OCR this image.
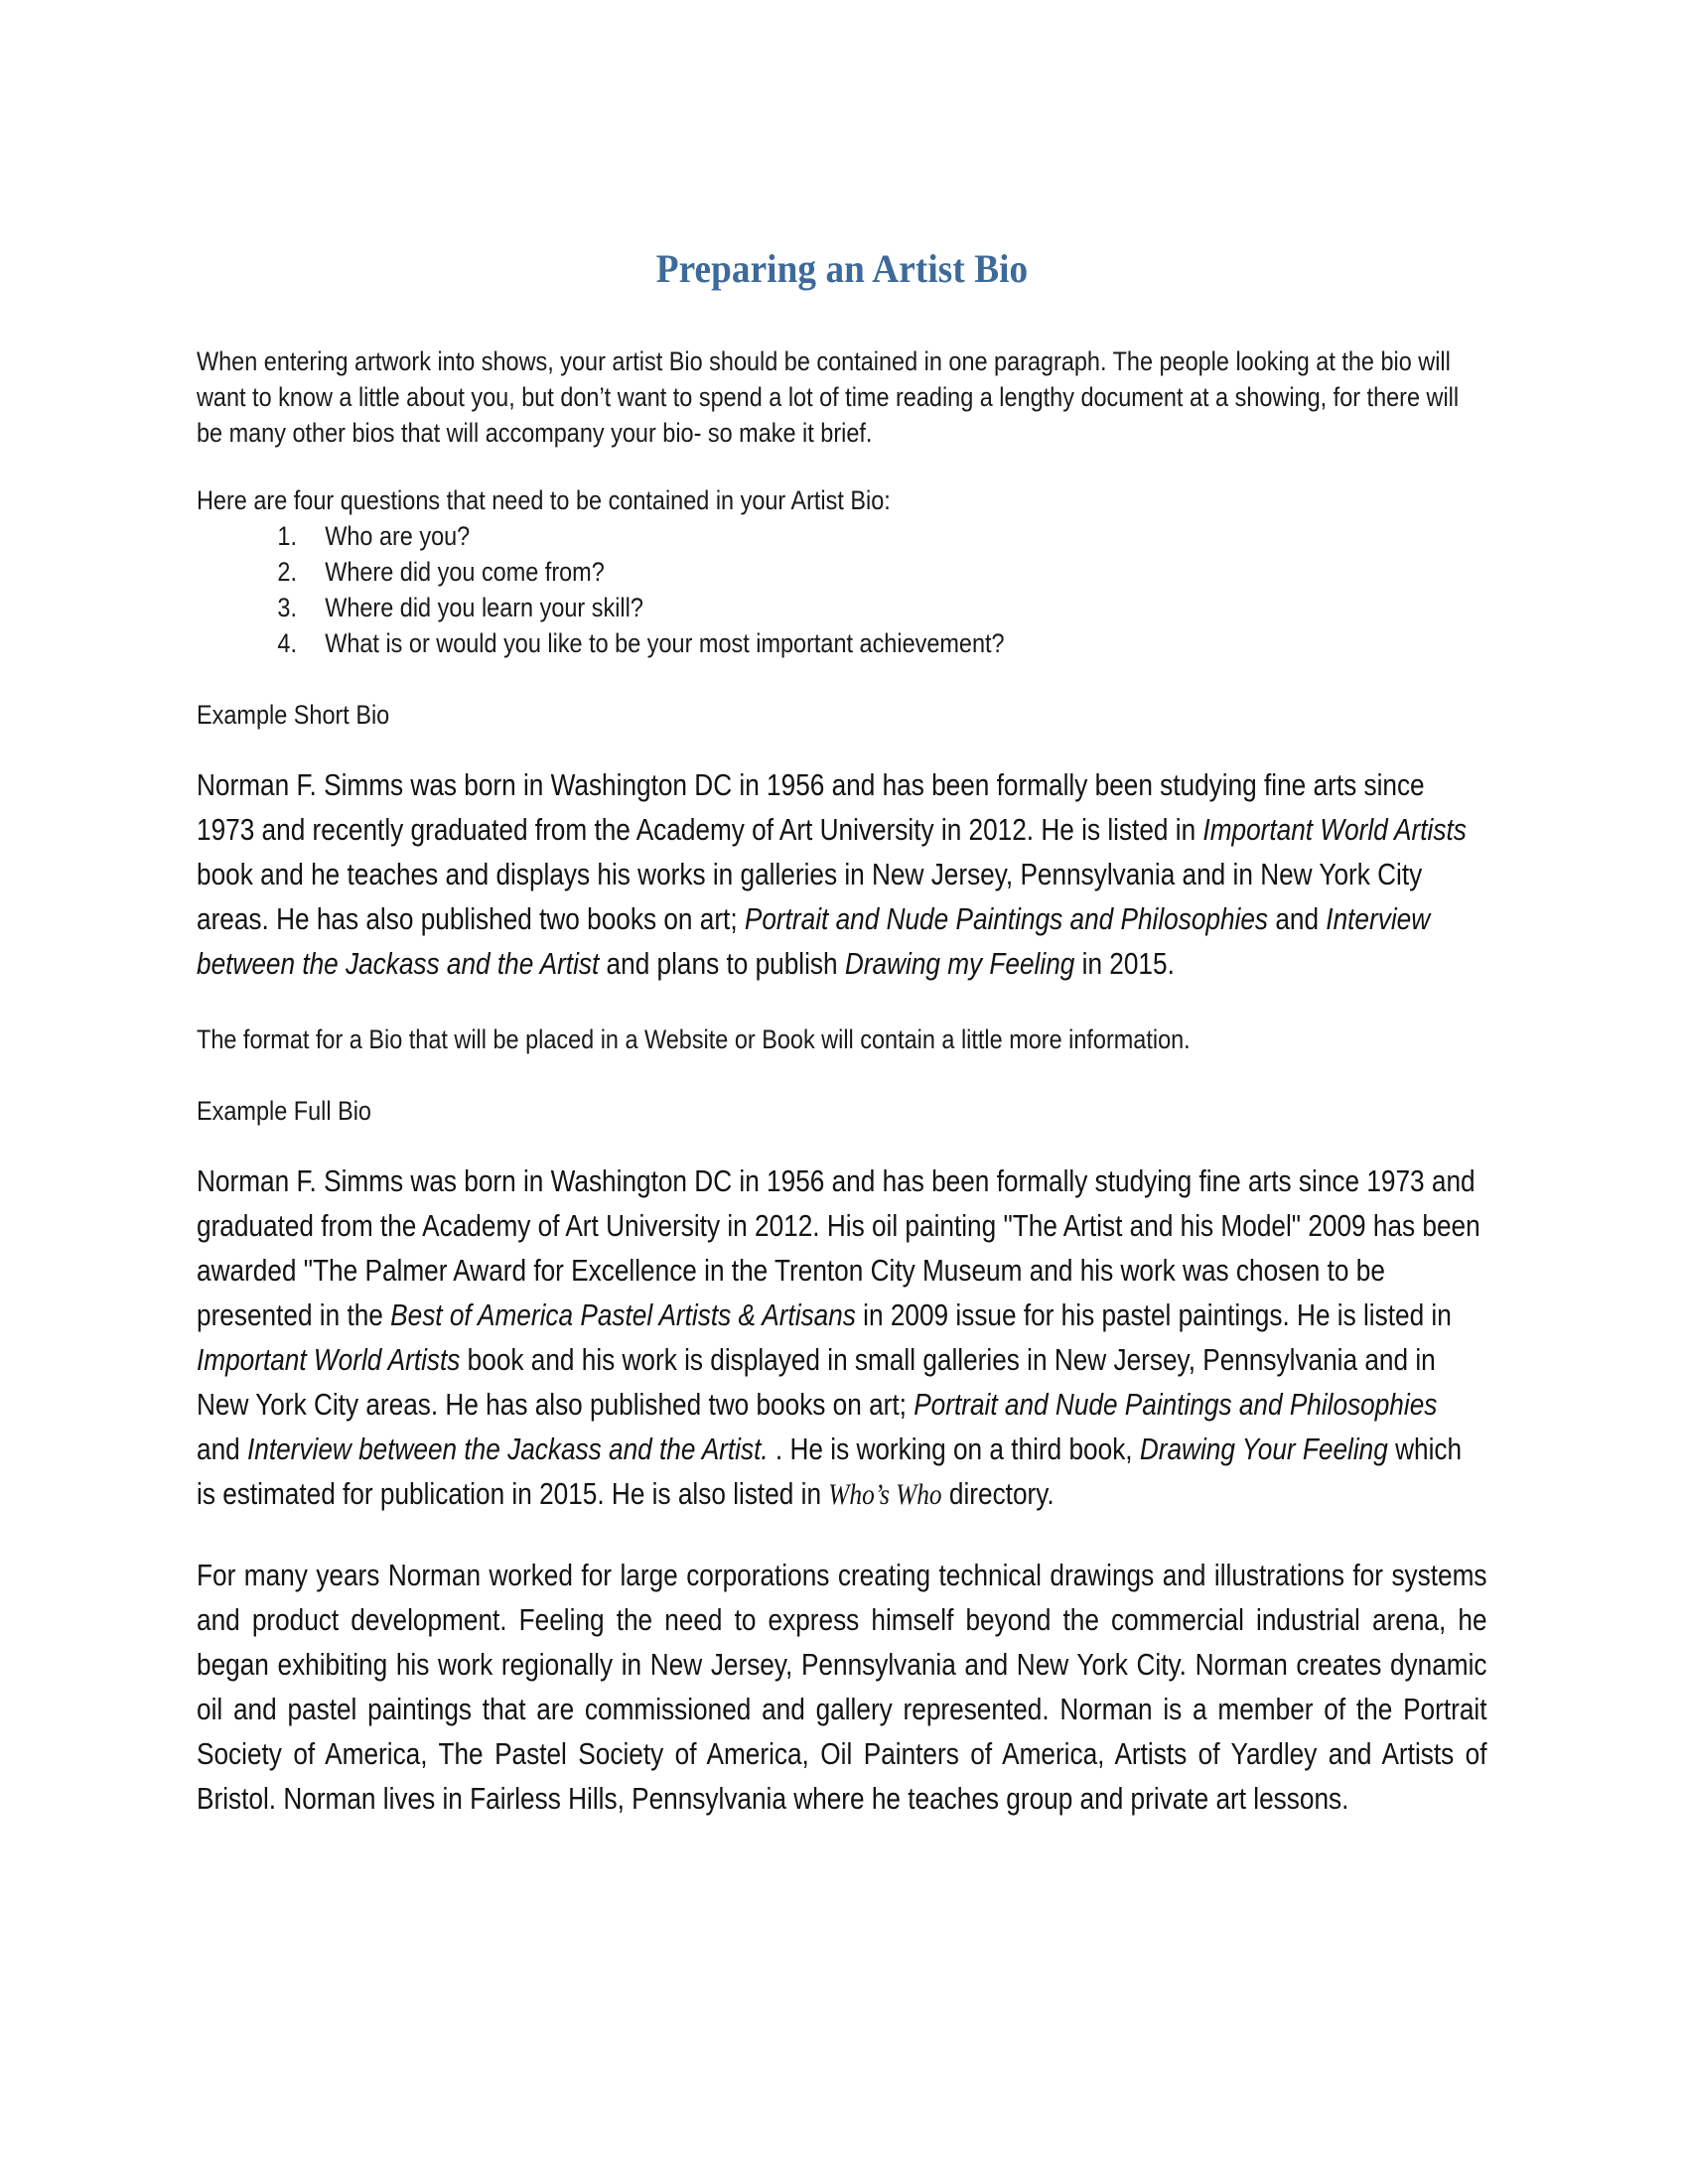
Preparing an Artist Bio

When entering artwork into shows, your artist Bio should be contained in one paragraph. The people looking at the bio will want to know a little about you, but don’t want to spend a lot of time reading a lengthy document at a showing, for there will be many other bios that will accompany your bio- so make it brief.

Here are four questions that need to be contained in your Artist Bio:

1.	Who are you?
2.	Where did you come from?
3.	Where did you learn your skill?
4.	What is or would you like to be your most important achievement?

Example Short Bio

Norman F. Simms was born in Washington DC in 1956 and has been formally been studying fine arts since 1973 and recently graduated from the Academy of Art University in 2012. He is listed in Important World Artists book and he teaches and displays his works in galleries in New Jersey, Pennsylvania and in New York City areas. He has also published two books on art; Portrait and Nude Paintings and Philosophies and Interview between the Jackass and the Artist and plans to publish Drawing my Feeling in 2015.

The format for a Bio that will be placed in a Website or Book will contain a little more information.

Example Full Bio

Norman F. Simms was born in Washington DC in 1956 and has been formally studying fine arts since 1973 and graduated from the Academy of Art University in 2012. His oil painting "The Artist and his Model" 2009 has been awarded "The Palmer Award for Excellence in the Trenton City Museum and his work was chosen to be presented in the Best of America Pastel Artists & Artisans in 2009 issue for his pastel paintings. He is listed in Important World Artists book and his work is displayed in small galleries in New Jersey, Pennsylvania and in New York City areas. He has also published two books on art; Portrait and Nude Paintings and Philosophies and Interview between the Jackass and the Artist. . He is working on a third book, Drawing Your Feeling which is estimated for publication in 2015. He is also listed in Who’s Who directory.

For many years Norman worked for large corporations creating technical drawings and illustrations for systems and product development. Feeling the need to express himself beyond the commercial industrial arena, he began exhibiting his work regionally in New Jersey, Pennsylvania and New York City. Norman creates dynamic oil and pastel paintings that are commissioned and gallery represented. Norman is a member of the Portrait Society of America, The Pastel Society of America, Oil Painters of America, Artists of Yardley and Artists of Bristol. Norman lives in Fairless Hills, Pennsylvania where he teaches group and private art lessons.
